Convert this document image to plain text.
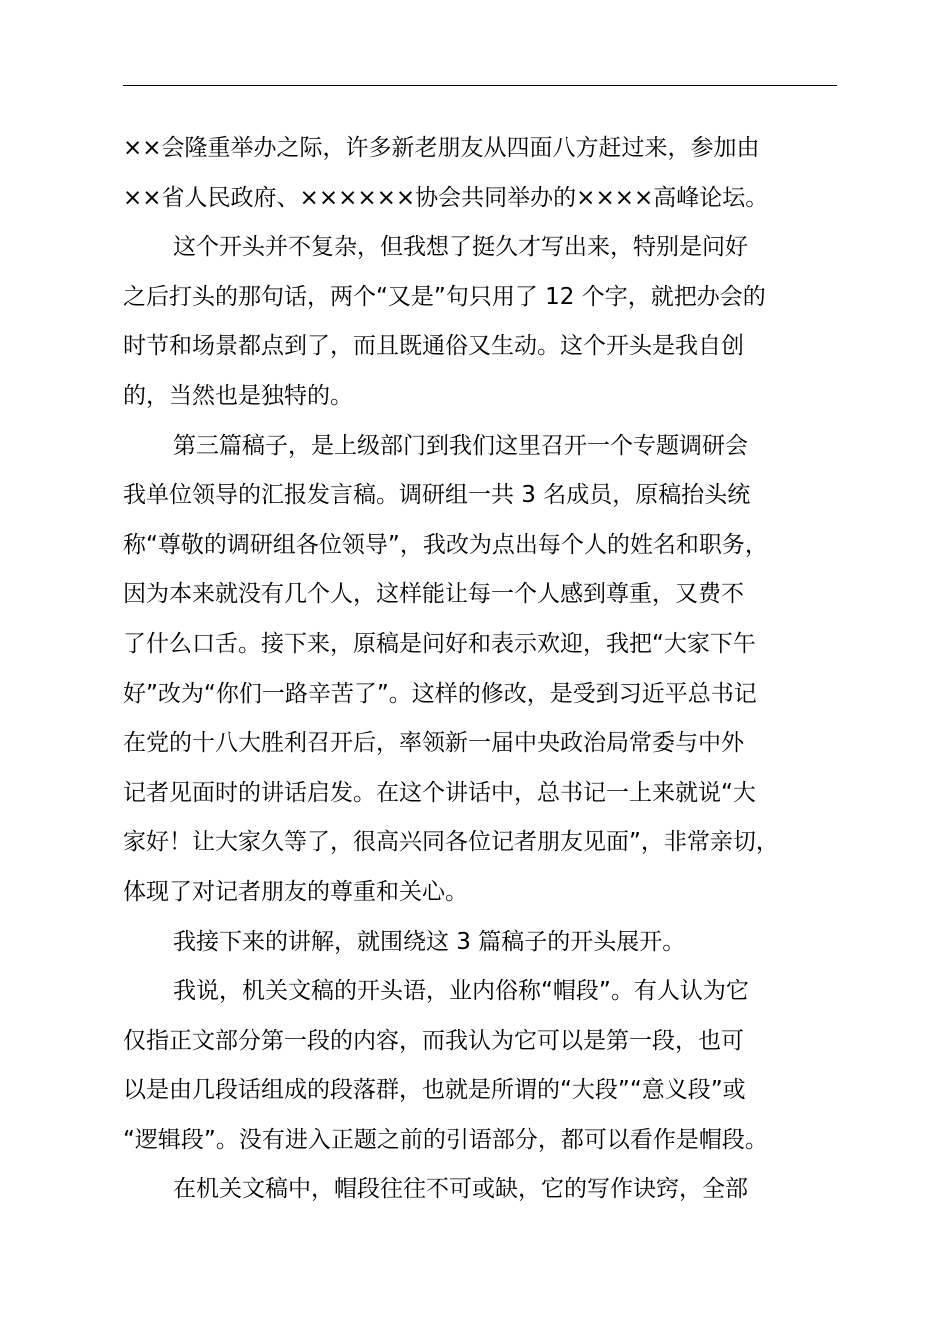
××会隆重举办之际，许多新老朋友从四面八方赶过来，参加由
××省人民政府、××××××协会共同举办的××××高峰论坛。
这个开头并不复杂，但我想了挺久才写出来，特别是问好
之后打头的那句话，两个“又是”句只用了 12 个字，就把办会的
时节和场景都点到了，而且既通俗又生动。这个开头是我自创
的，当然也是独特的。
第三篇稿子，是上级部门到我们这里召开一个专题调研会
我单位领导的汇报发言稿。调研组一共 3 名成员，原稿抬头统
称“尊敬的调研组各位领导”，我改为点出每个人的姓名和职务，
因为本来就没有几个人，这样能让每一个人感到尊重，又费不
了什么口舌。接下来，原稿是问好和表示欢迎，我把“大家下午
好”改为“你们一路辛苦了”。这样的修改，是受到习近平总书记
在党的十八大胜利召开后，率领新一届中央政治局常委与中外
记者见面时的讲话启发。在这个讲话中，总书记一上来就说“大
家好！让大家久等了，很高兴同各位记者朋友见面”，非常亲切，
体现了对记者朋友的尊重和关心。
我接下来的讲解，就围绕这 3 篇稿子的开头展开。
我说，机关文稿的开头语，业内俗称“帽段”。有人认为它
仅指正文部分第一段的内容，而我认为它可以是第一段，也可
以是由几段话组成的段落群，也就是所谓的“大段”“意义段”或
“逻辑段”。没有进入正题之前的引语部分，都可以看作是帽段。
在机关文稿中，帽段往往不可或缺，它的写作诀窍，全部
